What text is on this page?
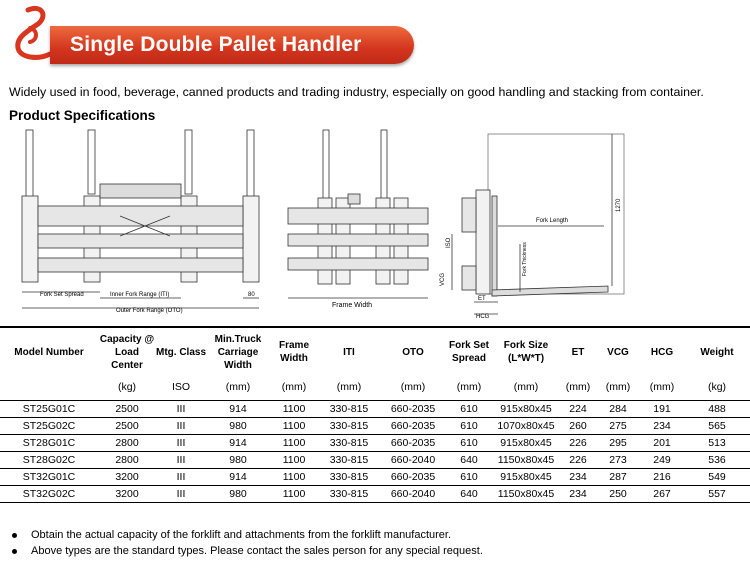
Single Double Pallet Handler
Widely used in food, beverage, canned products and trading industry, especially on good handling and stacking from container.
Product Specifications
Fork Set Spread	Inner Fork Range (ITI)
Outer Fork Range (OTO)
80
Frame Width
Fork Length
1270
Fork Thickness
ISO
VCG
ET
HCG
Model Number	Capacity @ Load Center	Mtg. Class	Min.Truck Carriage Width	Frame Width	ITI	OTO	Fork Set Spread	Fork Size (L*W*T)	ET	VCG	HCG	Weight
	(kg)	ISO	(mm)	(mm)	(mm)	(mm)	(mm)	(mm)	(mm)	(mm)	(mm)	(kg)
ST25G01C	2500	III	914	1100	330-815	660-2035	610	915x80x45	224	284	191	488
ST25G02C	2500	III	980	1100	330-815	660-2035	610	1070x80x45	260	275	234	565
ST28G01C	2800	III	914	1100	330-815	660-2035	610	915x80x45	226	295	201	513
ST28G02C	2800	III	980	1100	330-815	660-2040	640	1150x80x45	226	273	249	536
ST32G01C	3200	III	914	1100	330-815	660-2035	610	915x80x45	234	287	216	549
ST32G02C	3200	III	980	1100	330-815	660-2040	640	1150x80x45	234	250	267	557
Obtain the actual capacity of the forklift and attachments from the forklift manufacturer.
Above types are the standard types. Please contact the sales person for any special request.
